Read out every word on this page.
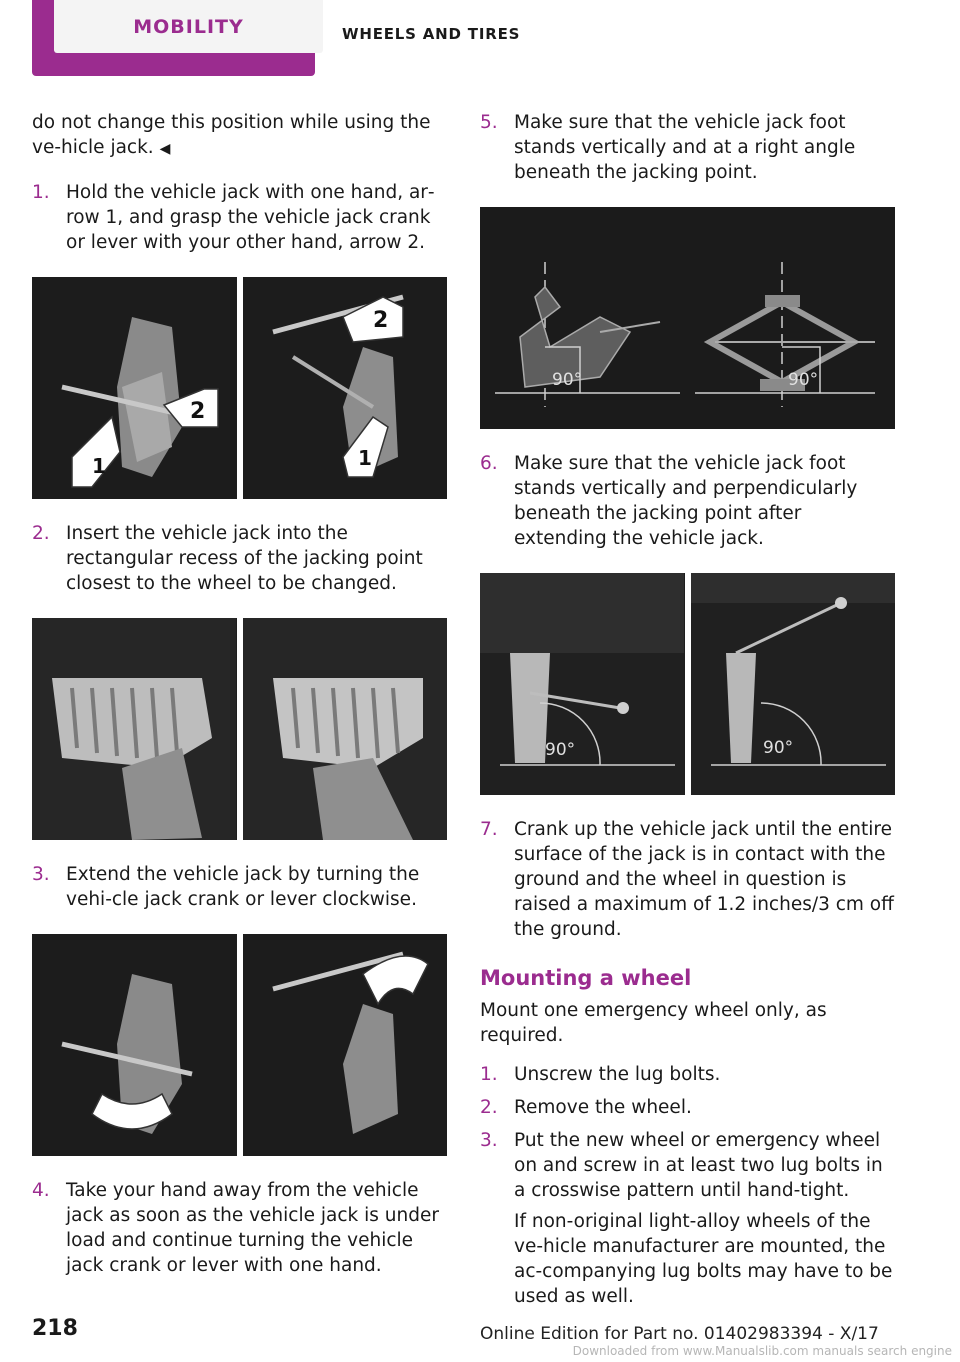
MOBILITY	WHEELS AND TIRES

do not change this position while using the ve‐hicle jack. ◀

1. Hold the vehicle jack with one hand, ar‐row 1, and grasp the vehicle jack crank or lever with your other hand, arrow 2.
2
1
2
1
2. Insert the vehicle jack into the rectangular recess of the jacking point closest to the wheel to be changed.
3. Extend the vehicle jack by turning the vehi‐cle jack crank or lever clockwise.
4. Take your hand away from the vehicle jack as soon as the vehicle jack is under load and continue turning the vehicle jack crank or lever with one hand.
5. Make sure that the vehicle jack foot stands vertically and at a right angle beneath the jacking point.
90°	90°
6. Make sure that the vehicle jack foot stands vertically and perpendicularly beneath the jacking point after extending the vehicle jack.
90°	90°
7. Crank up the vehicle jack until the entire surface of the jack is in contact with the ground and the wheel in question is raised a maximum of 1.2 inches/3 cm off the ground.
Mounting a wheel

Mount one emergency wheel only, as required.

1. Unscrew the lug bolts.
2. Remove the wheel.
3. Put the new wheel or emergency wheel on and screw in at least two lug bolts in a crosswise pattern until hand-tight.
If non-original light-alloy wheels of the ve‐hicle manufacturer are mounted, the ac‐companying lug bolts may have to be used as well.
218	Online Edition for Part no. 01402983394 - X/17
Downloaded from www.Manualslib.com manuals search engine
